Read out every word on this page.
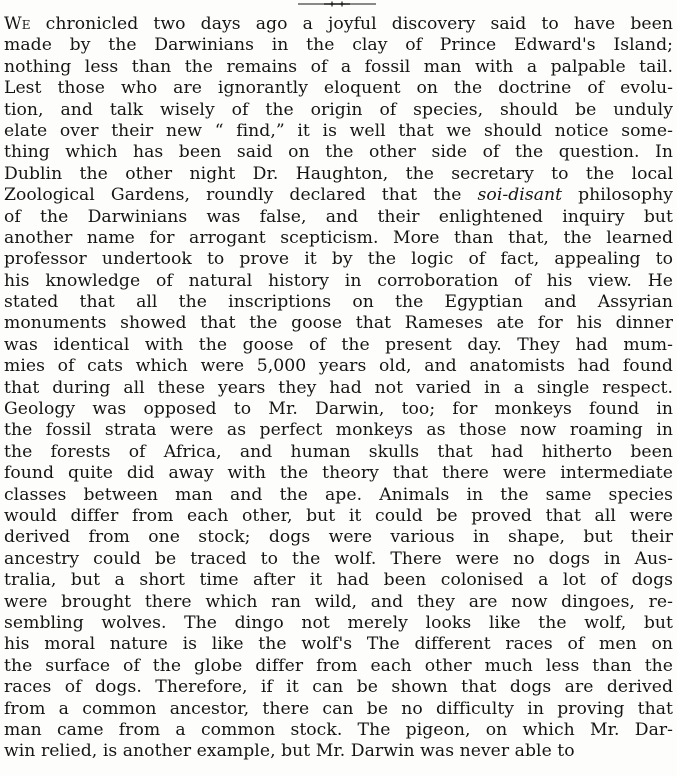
We chronicled two days ago a joyful discovery said to have been
made by the Darwinians in the clay of Prince Edward's Island;
nothing less than the remains of a fossil man with a palpable tail.
Lest those who are ignorantly eloquent on the doctrine of evolu-
tion, and talk wisely of the origin of species, should be unduly
elate over their new “ find,” it is well that we should notice some-
thing which has been said on the other side of the question. In
Dublin the other night Dr. Haughton, the secretary to the local
Zoological Gardens, roundly declared that the soi-disant philosophy
of the Darwinians was false, and their enlightened inquiry but
another name for arrogant scepticism. More than that, the learned
professor undertook to prove it by the logic of fact, appealing to
his knowledge of natural history in corroboration of his view. He
stated that all the inscriptions on the Egyptian and Assyrian
monuments showed that the goose that Rameses ate for his dinner
was identical with the goose of the present day. They had mum-
mies of cats which were 5,000 years old, and anatomists had found
that during all these years they had not varied in a single respect.
Geology was opposed to Mr. Darwin, too; for monkeys found in
the fossil strata were as perfect monkeys as those now roaming in
the forests of Africa, and human skulls that had hitherto been
found quite did away with the theory that there were intermediate
classes between man and the ape. Animals in the same species
would differ from each other, but it could be proved that all were
derived from one stock; dogs were various in shape, but their
ancestry could be traced to the wolf. There were no dogs in Aus-
tralia, but a short time after it had been colonised a lot of dogs
were brought there which ran wild, and they are now dingoes, re-
sembling wolves. The dingo not merely looks like the wolf, but
his moral nature is like the wolf's The different races of men on
the surface of the globe differ from each other much less than the
races of dogs. Therefore, if it can be shown that dogs are derived
from a common ancestor, there can be no difficulty in proving that
man came from a common stock. The pigeon, on which Mr. Dar-
win relied, is another example, but Mr. Darwin was never able to
